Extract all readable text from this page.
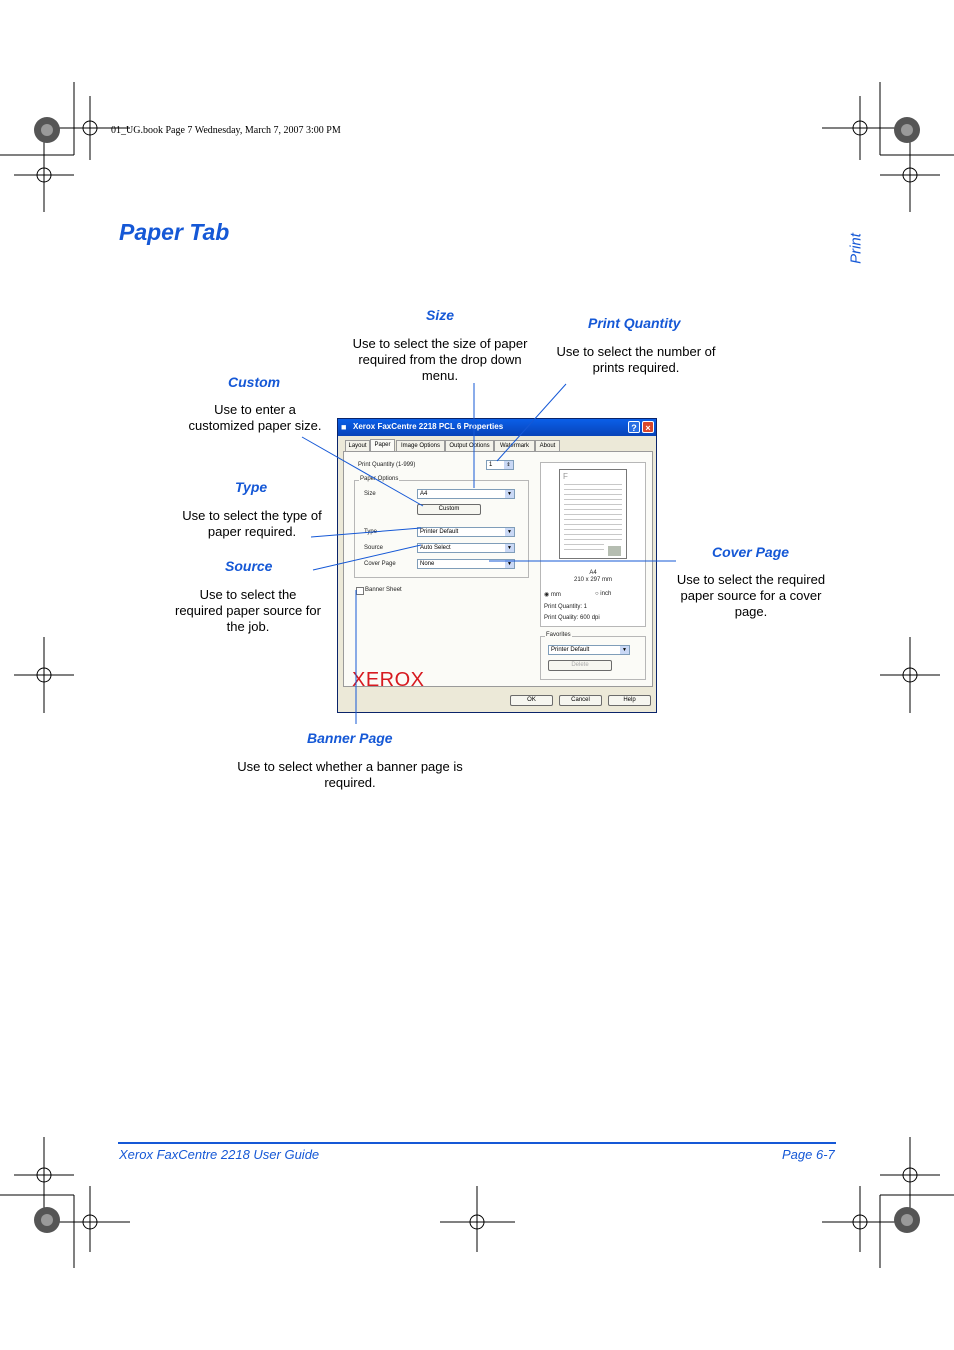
01_UG.book Page 7 Wednesday, March 7, 2007 3:00 PM
Paper Tab
Print
Size
Use to select the size of paper required from the drop down menu.
Print Quantity
Use to select the number of prints required.
Custom
Use to enter a customized paper size.
Type
Use to select the type of paper required.
Source
Use to select the required paper source for the job.
Cover Page
Use to select the required paper source for a cover page.
Banner Page
Use to select whether a banner page is required.
■ Xerox FaxCentre 2218 PCL 6 Properties	? ×
Layout	Paper	Image Options	Output Options	Watermark	About
Print Quantity (1-999)	1	⇕
Paper Options
Size	A4	▼
Custom
Type	Printer Default	▼
Source	Auto Select	▼
Cover Page	None	▼
Banner Sheet
F
A4
210 x 297 mm
◉ mm	○ inch
Print Quantity: 1
Print Quality: 600 dpi
Favorites
Printer Default	▼
Delete
XEROX
OK	Cancel	Help
Xerox FaxCentre 2218 User Guide	Page 6-7
